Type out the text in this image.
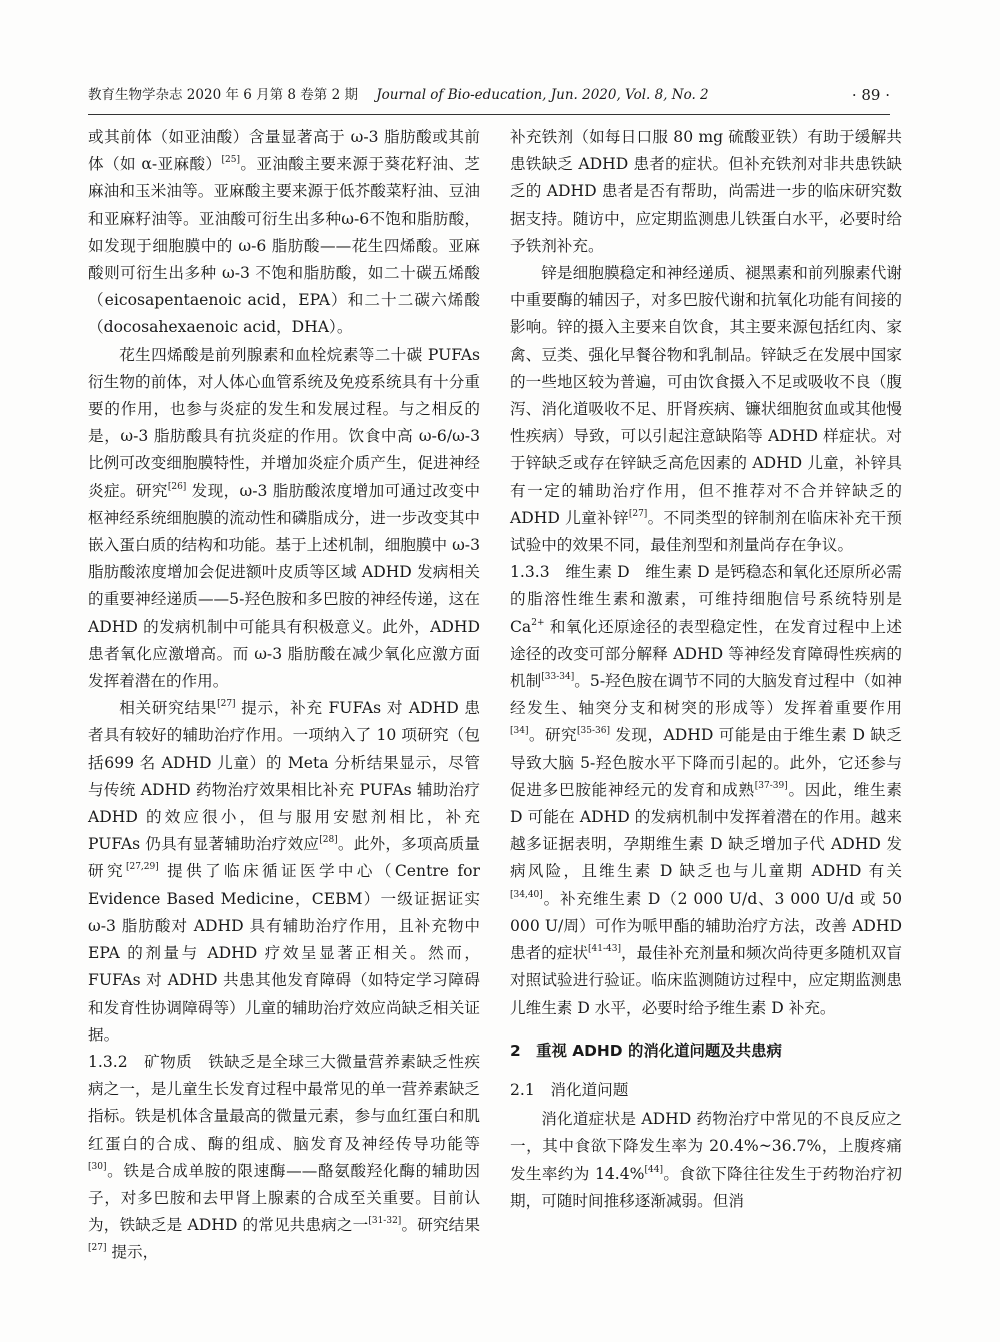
教育生物学杂志 2020 年 6 月第 8 卷第 2 期 Journal of Bio-education, Jun. 2020, Vol. 8, No. 2	· 89 ·

或其前体（如亚油酸）含量显著高于 ω-3 脂肪酸或其前体（如 α-亚麻酸）[25]。亚油酸主要来源于葵花籽油、芝麻油和玉米油等。亚麻酸主要来源于低芥酸菜籽油、豆油和亚麻籽油等。亚油酸可衍生出多种ω-6不饱和脂肪酸，如发现于细胞膜中的 ω-6 脂肪酸——花生四烯酸。亚麻酸则可衍生出多种 ω-3 不饱和脂肪酸，如二十碳五烯酸（eicosapentaenoic acid，EPA）和二十二碳六烯酸（docosahexaenoic acid，DHA）。

花生四烯酸是前列腺素和血栓烷素等二十碳 PUFAs 衍生物的前体，对人体心血管系统及免疫系统具有十分重要的作用，也参与炎症的发生和发展过程。与之相反的是，ω-3 脂肪酸具有抗炎症的作用。饮食中高 ω-6/ω-3 比例可改变细胞膜特性，并增加炎症介质产生，促进神经炎症。研究[26] 发现，ω-3 脂肪酸浓度增加可通过改变中枢神经系统细胞膜的流动性和磷脂成分，进一步改变其中嵌入蛋白质的结构和功能。基于上述机制，细胞膜中 ω-3脂肪酸浓度增加会促进额叶皮质等区域 ADHD 发病相关的重要神经递质——5-羟色胺和多巴胺的神经传递，这在 ADHD 的发病机制中可能具有积极意义。此外，ADHD 患者氧化应激增高。而 ω-3 脂肪酸在减少氧化应激方面发挥着潜在的作用。

相关研究结果[27] 提示，补充 FUFAs 对 ADHD 患者具有较好的辅助治疗作用。一项纳入了 10 项研究（包括699 名 ADHD 儿童）的 Meta 分析结果显示，尽管与传统 ADHD 药物治疗效果相比补充 PUFAs 辅助治疗 ADHD 的效应很小，但与服用安慰剂相比，补充 PUFAs 仍具有显著辅助治疗效应[28]。此外，多项高质量研究[27,29] 提供了临床循证医学中心（Centre for Evidence Based Medicine，CEBM）一级证据证实 ω-3 脂肪酸对 ADHD 具有辅助治疗作用，且补充物中 EPA 的剂量与 ADHD 疗效呈显著正相关。然而，FUFAs 对 ADHD 共患其他发育障碍（如特定学习障碍和发育性协调障碍等）儿童的辅助治疗效应尚缺乏相关证据。

1.3.2　矿物质　铁缺乏是全球三大微量营养素缺乏性疾病之一，是儿童生长发育过程中最常见的单一营养素缺乏指标。铁是机体含量最高的微量元素，参与血红蛋白和肌红蛋白的合成、酶的组成、脑发育及神经传导功能等[30]。铁是合成单胺的限速酶——酪氨酸羟化酶的辅助因子，对多巴胺和去甲肾上腺素的合成至关重要。目前认为，铁缺乏是 ADHD 的常见共患病之一[31-32]。研究结果[27] 提示，

补充铁剂（如每日口服 80 mg 硫酸亚铁）有助于缓解共患铁缺乏 ADHD 患者的症状。但补充铁剂对非共患铁缺乏的 ADHD 患者是否有帮助，尚需进一步的临床研究数据支持。随访中，应定期监测患儿铁蛋白水平，必要时给予铁剂补充。

锌是细胞膜稳定和神经递质、褪黑素和前列腺素代谢中重要酶的辅因子，对多巴胺代谢和抗氧化功能有间接的影响。锌的摄入主要来自饮食，其主要来源包括红肉、家禽、豆类、强化早餐谷物和乳制品。锌缺乏在发展中国家的一些地区较为普遍，可由饮食摄入不足或吸收不良（腹泻、消化道吸收不足、肝肾疾病、镰状细胞贫血或其他慢性疾病）导致，可以引起注意缺陷等 ADHD 样症状。对于锌缺乏或存在锌缺乏高危因素的 ADHD 儿童，补锌具有一定的辅助治疗作用，但不推荐对不合并锌缺乏的 ADHD 儿童补锌[27]。不同类型的锌制剂在临床补充干预试验中的效果不同，最佳剂型和剂量尚存在争议。

1.3.3　维生素 D　维生素 D 是钙稳态和氧化还原所必需的脂溶性维生素和激素，可维持细胞信号系统特别是 $Ca^{2+}$ 和氧化还原途径的表型稳定性，在发育过程中上述途径的改变可部分解释 ADHD 等神经发育障碍性疾病的机制[33-34]。5-羟色胺在调节不同的大脑发育过程中（如神经发生、轴突分支和树突的形成等）发挥着重要作用[34]。研究[35-36] 发现，ADHD 可能是由于维生素 D 缺乏导致大脑 5-羟色胺水平下降而引起的。此外，它还参与促进多巴胺能神经元的发育和成熟[37-39]。因此，维生素 D 可能在 ADHD 的发病机制中发挥着潜在的作用。越来越多证据表明，孕期维生素 D 缺乏增加子代 ADHD 发病风险，且维生素 D 缺乏也与儿童期 ADHD 有关[34,40]。补充维生素 D（2 000 U/d、3 000 U/d 或 50 000 U/周）可作为哌甲酯的辅助治疗方法，改善 ADHD 患者的症状[41-43]，最佳补充剂量和频次尚待更多随机双盲对照试验进行验证。临床监测随访过程中，应定期监测患儿维生素 D 水平，必要时给予维生素 D 补充。

2　重视 ADHD 的消化道问题及共患病

2.1　消化道问题

消化道症状是 ADHD 药物治疗中常见的不良反应之一，其中食欲下降发生率为 20.4%~36.7%，上腹疼痛发生率约为 14.4%[44]。食欲下降往往发生于药物治疗初期，可随时间推移逐渐减弱。但消
